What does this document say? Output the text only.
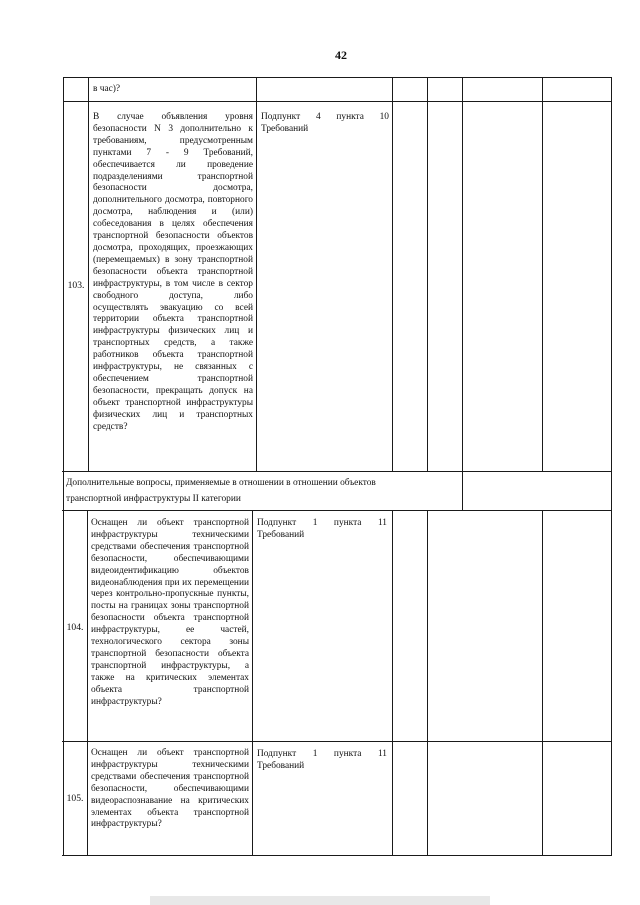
42
в час)?
103.
В случае объявления уровня безопасности N 3 дополнительно к требованиям, предусмотренным пунктами 7 - 9 Требований, обеспечивается ли проведение подразделениями транспортной безопасности досмотра, дополнительного досмотра, повторного досмотра, наблюдения и (или) собеседования в целях обеспечения транспортной безопасности объектов досмотра, проходящих, проезжающих (перемещаемых) в зону транспортной безопасности объекта транспортной инфраструктуры, в том числе в сектор свободного доступа, либо осуществлять эвакуацию со всей территории объекта транспортной инфраструктуры физических лиц и транспортных средств, а также работников объекта транспортной инфраструктуры, не связанных с обеспечением транспортной безопасности, прекращать допуск на объект транспортной инфраструктуры физических лиц и транспортных средств?
Подпункт 4 пункта 10 Требований
Дополнительные вопросы, применяемые в отношении в отношении объектов транспортной инфраструктуры II категории
104.
Оснащен ли объект транспортной инфраструктуры техническими средствами обеспечения транспортной безопасности, обеспечивающими видеоидентификацию объектов видеонаблюдения при их перемещении через контрольно-пропускные пункты, посты на границах зоны транспортной безопасности объекта транспортной инфраструктуры, ее частей, технологического сектора зоны транспортной безопасности объекта транспортной инфраструктуры, а также на критических элементах объекта транспортной инфраструктуры?
Подпункт 1 пункта 11 Требований
105.
Оснащен ли объект транспортной инфраструктуры техническими средствами обеспечения транспортной безопасности, обеспечивающими видеораспознавание на критических элементах объекта транспортной инфраструктуры?
Подпункт 1 пункта 11 Требований
